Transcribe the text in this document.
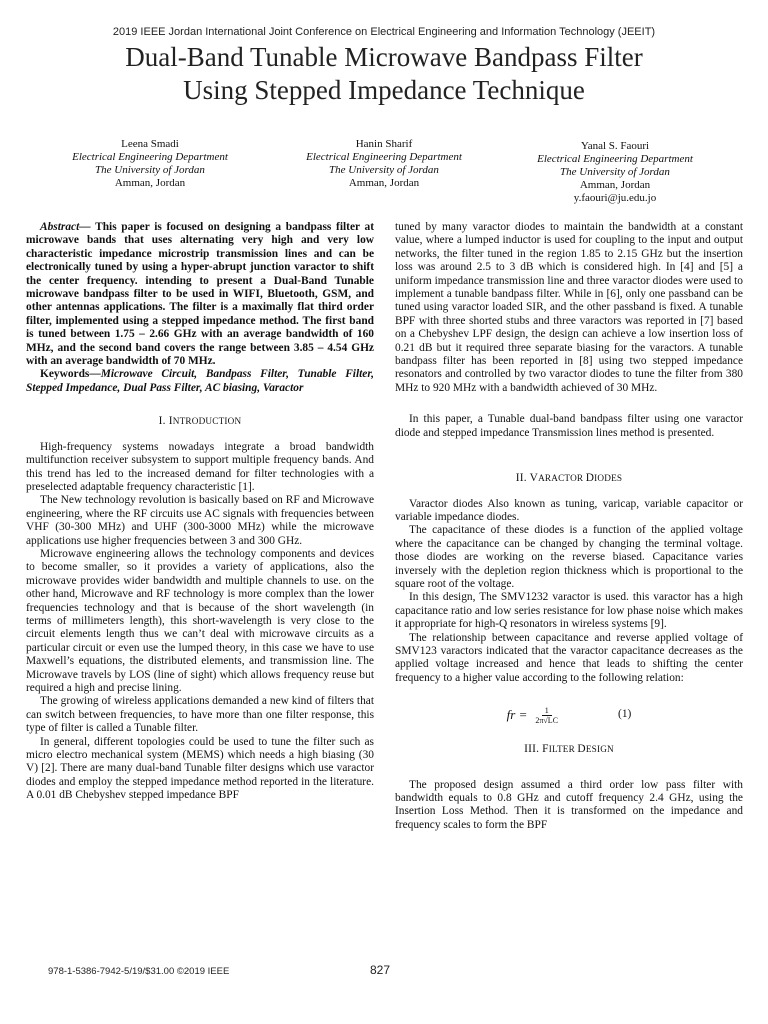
2019 IEEE Jordan International Joint Conference on Electrical Engineering and Information Technology (JEEIT)
Dual-Band Tunable Microwave Bandpass Filter
Using Stepped Impedance Technique
Leena Smadi
Electrical Engineering Department
The University of Jordan
Amman, Jordan
Hanin Sharif
Electrical Engineering Department
The University of Jordan
Amman, Jordan
Yanal S. Faouri
Electrical Engineering Department
The University of Jordan
Amman, Jordan
y.faouri@ju.edu.jo

Abstract— This paper is focused on designing a bandpass filter at microwave bands that uses alternating very high and very low characteristic impedance microstrip transmission lines and can be electronically tuned by using a hyper-abrupt junction varactor to shift the center frequency. intending to present a Dual-Band Tunable microwave bandpass filter to be used in WIFI, Bluetooth, GSM, and other antennas applications. The filter is a maximally flat third order filter, implemented using a stepped impedance method. The first band is tuned between 1.75 – 2.66 GHz with an average bandwidth of 160 MHz, and the second band covers the range between 3.85 – 4.54 GHz with an average bandwidth of 70 MHz.

Keywords—Microwave Circuit, Bandpass Filter, Tunable Filter, Stepped Impedance, Dual Pass Filter, AC biasing, Varactor

I. INTRODUCTION

High-frequency systems nowadays integrate a broad bandwidth multifunction receiver subsystem to support multiple frequency bands. And this trend has led to the increased demand for filter technologies with a preselected adaptable frequency characteristic [1].

The New technology revolution is basically based on RF and Microwave engineering, where the RF circuits use AC signals with frequencies between VHF (30-300 MHz) and UHF (300-3000 MHz) while the microwave applications use higher frequencies between 3 and 300 GHz.

Microwave engineering allows the technology components and devices to become smaller, so it provides a variety of applications, also the microwave provides wider bandwidth and multiple channels to use. on the other hand, Microwave and RF technology is more complex than the lower frequencies technology and that is because of the short wavelength (in terms of millimeters length), this short-wavelength is very close to the circuit elements length thus we can’t deal with microwave circuits as a particular circuit or even use the lumped theory, in this case we have to use Maxwell’s equations, the distributed elements, and transmission line. The Microwave travels by LOS (line of sight) which allows frequency reuse but required a high and precise lining.

The growing of wireless applications demanded a new kind of filters that can switch between frequencies, to have more than one filter response, this type of filter is called a Tunable filter.

In general, different topologies could be used to tune the filter such as micro electro mechanical system (MEMS) which needs a high biasing (30 V) [2]. There are many dual-band Tunable filter designs which use varactor diodes and employ the stepped impedance method reported in the literature. A 0.01 dB Chebyshev stepped impedance BPF

tuned by many varactor diodes to maintain the bandwidth at a constant value, where a lumped inductor is used for coupling to the input and output networks, the filter tuned in the region 1.85 to 2.15 GHz but the insertion loss was around 2.5 to 3 dB which is considered high. In [4] and [5] a uniform impedance transmission line and three varactor diodes were used to implement a tunable bandpass filter. While in [6], only one passband can be tuned using varactor loaded SIR, and the other passband is fixed. A tunable BPF with three shorted stubs and three varactors was reported in [7] based on a Chebyshev LPF design, the design can achieve a low insertion loss of 0.21 dB but it required three separate biasing for the varactors. A tunable bandpass filter has been reported in [8] using two stepped impedance resonators and controlled by two varactor diodes to tune the filter from 380 MHz to 920 MHz with a bandwidth achieved of 30 MHz.

In this paper, a Tunable dual-band bandpass filter using one varactor diode and stepped impedance Transmission lines method is presented.

II. VARACTOR DIODES

Varactor diodes Also known as tuning, varicap, variable capacitor or variable impedance diodes.

The capacitance of these diodes is a function of the applied voltage where the capacitance can be changed by changing the terminal voltage. those diodes are working on the reverse biased. Capacitance varies inversely with the depletion region thickness which is proportional to the square root of the voltage.

In this design, The SMV1232 varactor is used. this varactor has a high capacitance ratio and low series resistance for low phase noise which makes it appropriate for high-Q resonators in wireless systems [9].

The relationship between capacitance and reverse applied voltage of SMV123 varactors indicated that the varactor capacitance decreases as the applied voltage increased and hence that leads to shifting the center frequency to a higher value according to the following relation:

fr = $\frac{1}{2\pi√LC}$	(1)
III. FILTER DESIGN

The proposed design assumed a third order low pass filter with bandwidth equals to 0.8 GHz and cutoff frequency 2.4 GHz, using the Insertion Loss Method. Then it is transformed on the impedance and frequency scales to form the BPF

978-1-5386-7942-5/19/$31.00 ©2019 IEEE	827
